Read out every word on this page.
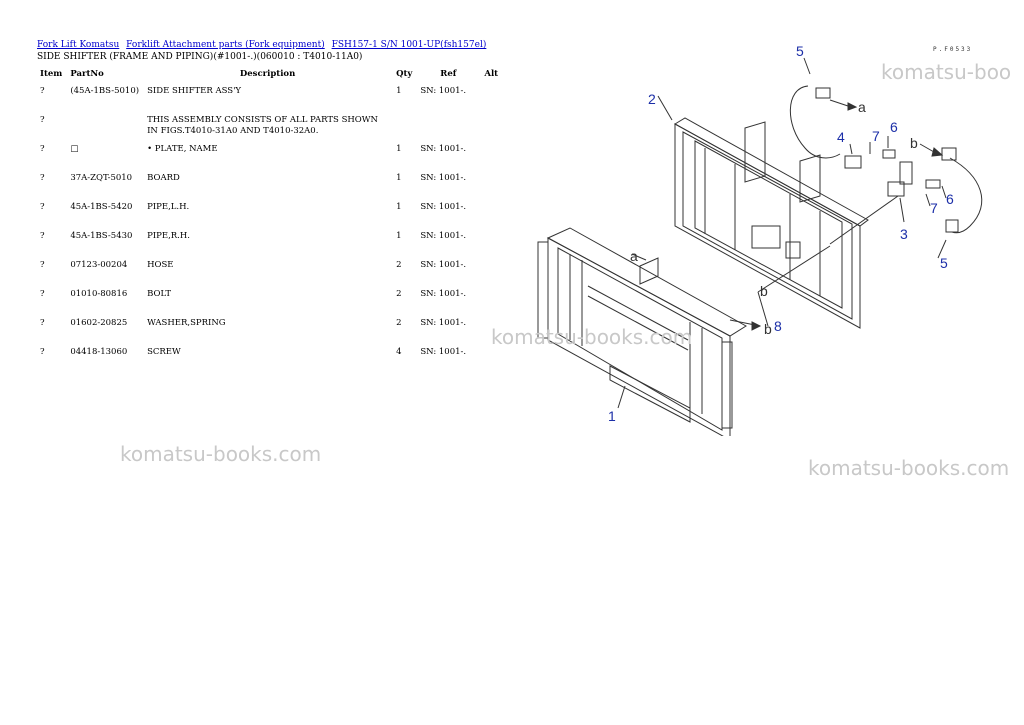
Fork Lift Komatsu Forklift Attachment parts (Fork equipment) FSH157-1 S/N 1001-UP(fsh157el)
SIDE SHIFTER (FRAME AND PIPING)(#1001-.)(060010 : T4010-11A0)
Item	PartNo	Description	Qty	Ref	Alt
?	(45A-1BS-5010)	SIDE SHIFTER ASS'Y	1	SN: 1001-.	
?		THIS ASSEMBLY CONSISTS OF ALL PARTS SHOWN IN FIGS.T4010-31A0 AND T4010-32A0.			
?	□	• PLATE, NAME	1	SN: 1001-.	
?	37A-ZQT-5010	BOARD	1	SN: 1001-.	
?	45A-1BS-5420	PIPE,L.H.	1	SN: 1001-.	
?	45A-1BS-5430	PIPE,R.H.	1	SN: 1001-.	
?	07123-00204	HOSE	2	SN: 1001-.	
?	01010-80816	BOLT	2	SN: 1001-.	
?	01602-20825	WASHER,SPRING	2	SN: 1001-.	
?	04418-13060	SCREW	4	SN: 1001-.	
1
2
3
4
5
5
6
6
7
7
8
a
a
b
b
b
P.F0533
komatsu-boo
komatsu-books.com
komatsu-books.com
komatsu-books.com
